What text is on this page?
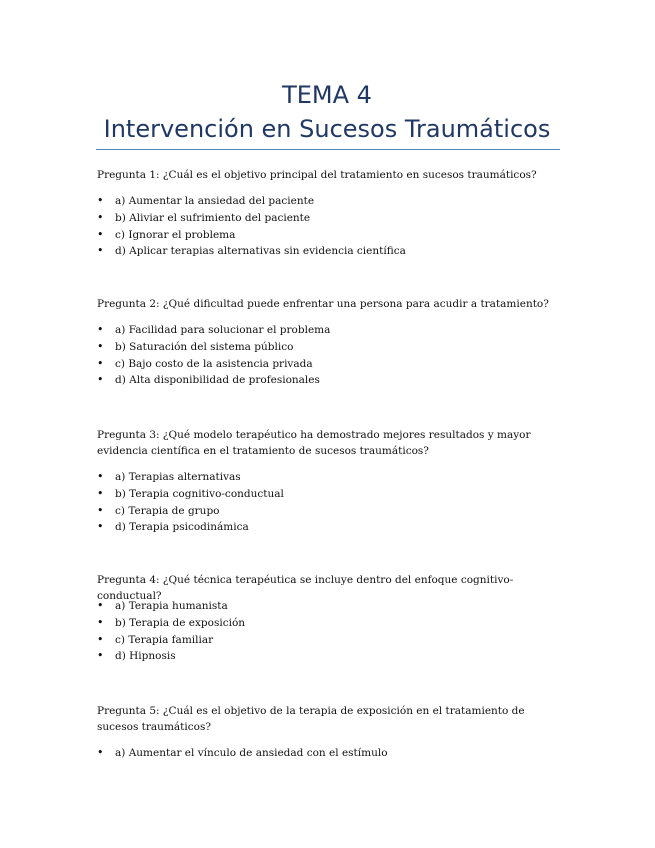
TEMA 4
Intervención en Sucesos Traumáticos

Pregunta 1: ¿Cuál es el objetivo principal del tratamiento en sucesos traumáticos?

• a) Aumentar la ansiedad del paciente
• b) Aliviar el sufrimiento del paciente
• c) Ignorar el problema
• d) Aplicar terapias alternativas sin evidencia científica

Pregunta 2: ¿Qué dificultad puede enfrentar una persona para acudir a tratamiento?

• a) Facilidad para solucionar el problema
• b) Saturación del sistema público
• c) Bajo costo de la asistencia privada
• d) Alta disponibilidad de profesionales

Pregunta 3: ¿Qué modelo terapéutico ha demostrado mejores resultados y mayor evidencia científica en el tratamiento de sucesos traumáticos?

• a) Terapias alternativas
• b) Terapia cognitivo-conductual
• c) Terapia de grupo
• d) Terapia psicodinámica

Pregunta 4: ¿Qué técnica terapéutica se incluye dentro del enfoque cognitivo-conductual?

• a) Terapia humanista
• b) Terapia de exposición
• c) Terapia familiar
• d) Hipnosis

Pregunta 5: ¿Cuál es el objetivo de la terapia de exposición en el tratamiento de sucesos traumáticos?

• a) Aumentar el vínculo de ansiedad con el estímulo
